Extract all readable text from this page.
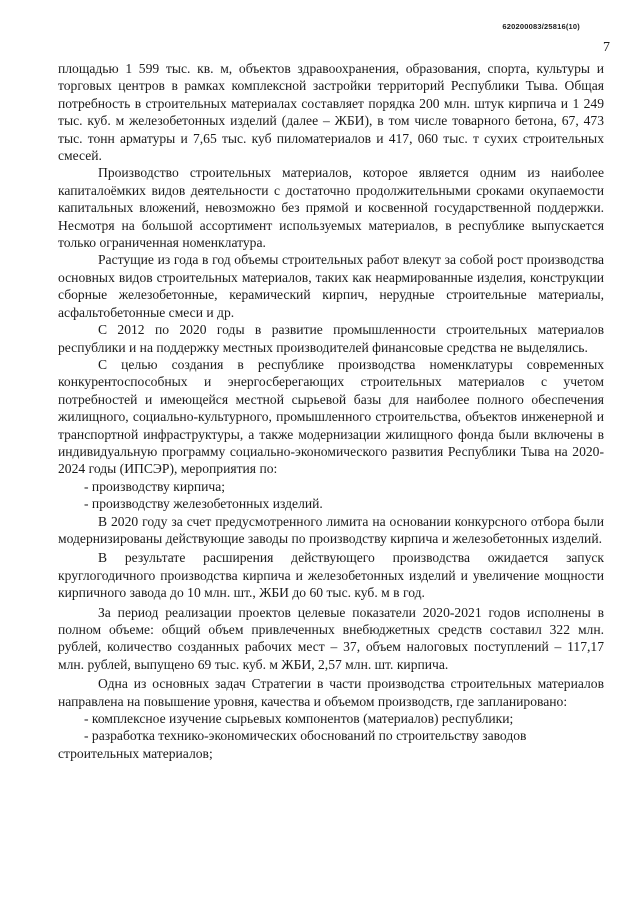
620200083/25816(10)
7

площадью 1 599 тыс. кв. м, объектов здравоохранения, образования, спорта, культуры и торговых центров в рамках комплексной застройки территорий Республики Тыва. Общая потребность в строительных материалах составляет порядка 200 млн. штук кирпича и 1 249 тыс. куб. м железобетонных изделий (далее – ЖБИ), в том числе товарного бетона, 67, 473 тыс. тонн арматуры и 7,65 тыс. куб пиломатериалов и 417, 060 тыс. т сухих строительных смесей.

Производство строительных материалов, которое является одним из наиболее капиталоёмких видов деятельности с достаточно продолжительными сроками окупаемости капитальных вложений, невозможно без прямой и косвенной государственной поддержки. Несмотря на большой ассортимент используемых материалов, в республике выпускается только ограниченная номенклатура.

Растущие из года в год объемы строительных работ влекут за собой рост производства основных видов строительных материалов, таких как неармированные изделия, конструкции сборные железобетонные, керамический кирпич, нерудные строительные материалы, асфальтобетонные смеси и др.

С 2012 по 2020 годы в развитие промышленности строительных материалов республики и на поддержку местных производителей финансовые средства не выделялись.

С целью создания в республике производства номенклатуры современных конкурентоспособных и энергосберегающих строительных материалов с учетом потребностей и имеющейся местной сырьевой базы для наиболее полного обеспечения жилищного, социально-культурного, промышленного строительства, объектов инженерной и транспортной инфраструктуры, а также модернизации жилищного фонда были включены в индивидуальную программу социально-экономического развития Республики Тыва на 2020-2024 годы (ИПСЭР), мероприятия по:

- производству кирпича;

- производству железобетонных изделий.

В 2020 году за счет предусмотренного лимита на основании конкурсного отбора были модернизированы действующие заводы по производству кирпича и железобетонных изделий.

В результате расширения действующего производства ожидается запуск круглогодичного производства кирпича и железобетонных изделий и увеличение мощности кирпичного завода до 10 млн. шт., ЖБИ до 60 тыс. куб. м в год.

За период реализации проектов целевые показатели 2020-2021 годов исполнены в полном объеме: общий объем привлеченных внебюджетных средств составил 322 млн. рублей, количество созданных рабочих мест – 37, объем налоговых поступлений – 117,17 млн. рублей, выпущено 69 тыс. куб. м ЖБИ, 2,57 млн. шт. кирпича.

Одна из основных задач Стратегии в части производства строительных материалов направлена на повышение уровня, качества и объемом производств, где запланировано:

- комплексное изучение сырьевых компонентов (материалов) республики;

- разработка технико-экономических обоснований по строительству заводов строительных материалов;
